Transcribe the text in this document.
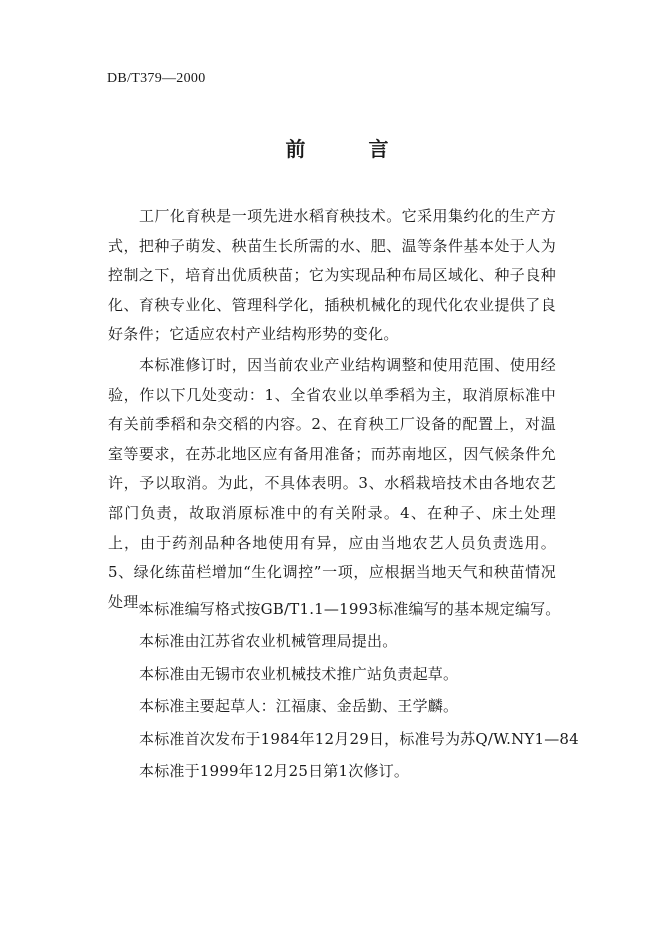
DB/T379—2000

前 言

工厂化育秧是一项先进水稻育秧技术。它采用集约化的生产方式，把种子萌发、秧苗生长所需的水、肥、温等条件基本处于人为控制之下，培育出优质秧苗；它为实现品种布局区域化、种子良种化、育秧专业化、管理科学化，插秧机械化的现代化农业提供了良好条件；它适应农村产业结构形势的变化。

本标准修订时，因当前农业产业结构调整和使用范围、使用经验，作以下几处变动：1、全省农业以单季稻为主，取消原标准中有关前季稻和杂交稻的内容。2、在育秧工厂设备的配置上，对温室等要求，在苏北地区应有备用准备；而苏南地区，因气候条件允许，予以取消。为此，不具体表明。3、水稻栽培技术由各地农艺部门负责，故取消原标准中的有关附录。4、在种子、床土处理上，由于药剂品种各地使用有异，应由当地农艺人员负责选用。5、绿化练苗栏增加“生化调控”一项，应根据当地天气和秧苗情况处理。

本标准编写格式按GB/T1.1—1993标准编写的基本规定编写。

本标准由江苏省农业机械管理局提出。

本标准由无锡市农业机械技术推广站负责起草。

本标准主要起草人：江福康、金岳勤、王学麟。

本标准首次发布于1984年12月29日，标准号为苏Q/W.NY1—84

本标准于1999年12月25日第1次修订。
